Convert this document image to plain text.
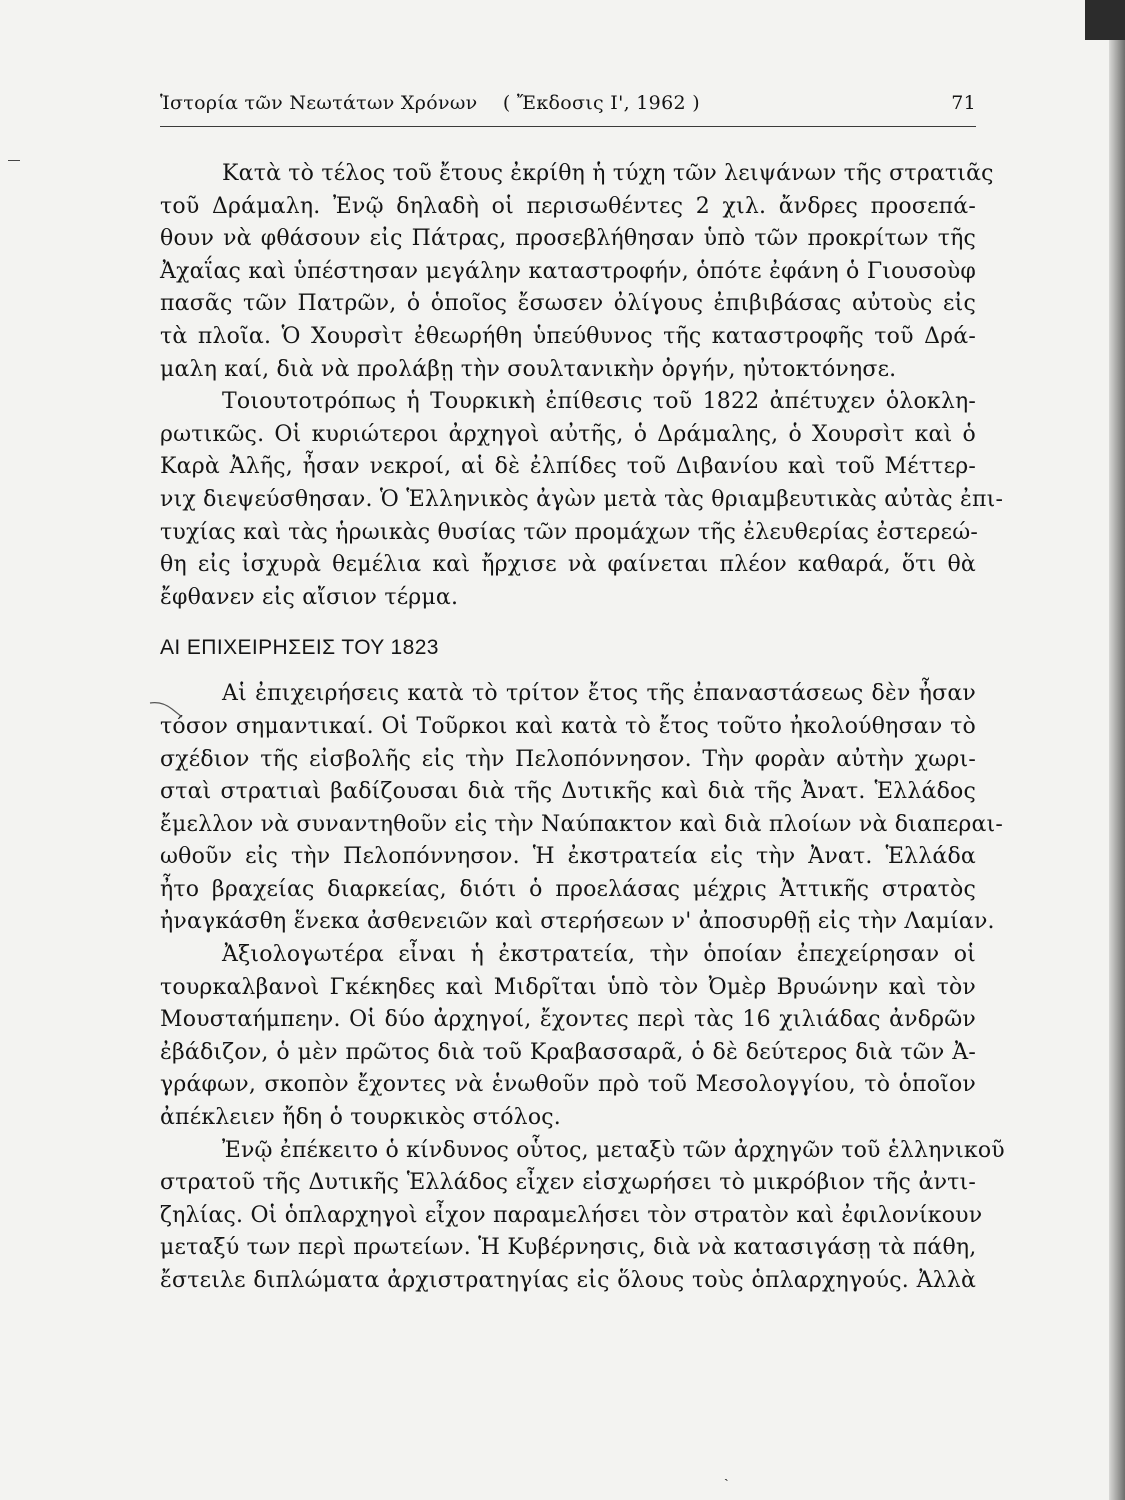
Ἱστορία τῶν Νεωτάτων Χρόνων ( Ἔκδοσις Ι', 1962 )	71
Κατὰ τὸ τέλος τοῦ ἔτους ἐκρίθη ἡ τύχη τῶν λειψάνων τῆς στρατιᾶς
τοῦ Δράμαλη. Ἐνῷ δηλαδὴ οἱ περισωθέντες 2 χιλ. ἄνδρες προσεπά-
θουν νὰ φθάσουν εἰς Πάτρας, προσεβλήθησαν ὑπὸ τῶν προκρίτων τῆς
Ἀχαΐας καὶ ὑπέστησαν μεγάλην καταστροφήν, ὁπότε ἐφάνη ὁ Γιουσοὺφ
πασᾶς τῶν Πατρῶν, ὁ ὁποῖος ἔσωσεν ὀλίγους ἐπιβιβάσας αὐτοὺς εἰς
τὰ πλοῖα. Ὁ Χουρσὶτ ἐθεωρήθη ὑπεύθυνος τῆς καταστροφῆς τοῦ Δρά-
μαλη καί, διὰ νὰ προλάβῃ τὴν σουλτανικὴν ὀργήν, ηὐτοκτόνησε.
Τοιουτοτρόπως ἡ Τουρκικὴ ἐπίθεσις τοῦ 1822 ἀπέτυχεν ὁλοκλη-
ρωτικῶς. Οἱ κυριώτεροι ἀρχηγοὶ αὐτῆς, ὁ Δράμαλης, ὁ Χουρσὶτ καὶ ὁ
Καρὰ Ἀλῆς, ἦσαν νεκροί, αἱ δὲ ἐλπίδες τοῦ Διβανίου καὶ τοῦ Μέττερ-
νιχ διεψεύσθησαν. Ὁ Ἑλληνικὸς ἀγὼν μετὰ τὰς θριαμβευτικὰς αὐτὰς ἐπι-
τυχίας καὶ τὰς ἡρωικὰς θυσίας τῶν προμάχων τῆς ἐλευθερίας ἐστερεώ-
θη εἰς ἰσχυρὰ θεμέλια καὶ ἤρχισε νὰ φαίνεται πλέον καθαρά, ὅτι θὰ
ἔφθανεν εἰς αἴσιον τέρμα.
ΑΙ ΕΠΙΧΕΙΡΗΣΕΙΣ ΤΟΥ 1823
Αἱ ἐπιχειρήσεις κατὰ τὸ τρίτον ἔτος τῆς ἐπαναστάσεως δὲν ἦσαν
τόσον σημαντικαί. Οἱ Τοῦρκοι καὶ κατὰ τὸ ἔτος τοῦτο ἠκολούθησαν τὸ
σχέδιον τῆς εἰσβολῆς εἰς τὴν Πελοπόννησον. Τὴν φορὰν αὐτὴν χωρι-
σταὶ στρατιαὶ βαδίζουσαι διὰ τῆς Δυτικῆς καὶ διὰ τῆς Ἀνατ. Ἑλλάδος
ἔμελλον νὰ συναντηθοῦν εἰς τὴν Ναύπακτον καὶ διὰ πλοίων νὰ διαπεραι-
ωθοῦν εἰς τὴν Πελοπόννησον. Ἡ ἐκστρατεία εἰς τὴν Ἀνατ. Ἑλλάδα
ἦτο βραχείας διαρκείας, διότι ὁ προελάσας μέχρις Ἀττικῆς στρατὸς
ἠναγκάσθη ἕνεκα ἀσθενειῶν καὶ στερήσεων ν' ἀποσυρθῇ εἰς τὴν Λαμίαν.
Ἀξιολογωτέρα εἶναι ἡ ἐκστρατεία, τὴν ὁποίαν ἐπεχείρησαν οἱ
τουρκαλβανοὶ Γκέκηδες καὶ Μιδρῖται ὑπὸ τὸν Ὀμὲρ Βρυώνην καὶ τὸν
Μουσταήμπεην. Οἱ δύο ἀρχηγοί, ἔχοντες περὶ τὰς 16 χιλιάδας ἀνδρῶν
ἐβάδιζον, ὁ μὲν πρῶτος διὰ τοῦ Κραβασσαρᾶ, ὁ δὲ δεύτερος διὰ τῶν Ἀ-
γράφων, σκοπὸν ἔχοντες νὰ ἑνωθοῦν πρὸ τοῦ Μεσολογγίου, τὸ ὁποῖον
ἀπέκλειεν ἤδη ὁ τουρκικὸς στόλος.
Ἐνῷ ἐπέκειτο ὁ κίνδυνος οὗτος, μεταξὺ τῶν ἀρχηγῶν τοῦ ἑλληνικοῦ
στρατοῦ τῆς Δυτικῆς Ἑλλάδος εἶχεν εἰσχωρήσει τὸ μικρόβιον τῆς ἀντι-
ζηλίας. Οἱ ὁπλαρχηγοὶ εἶχον παραμελήσει τὸν στρατὸν καὶ ἐφιλονίκουν
μεταξύ των περὶ πρωτείων. Ἡ Κυβέρνησις, διὰ νὰ κατασιγάσῃ τὰ πάθη,
ἔστειλε διπλώματα ἀρχιστρατηγίας εἰς ὅλους τοὺς ὁπλαρχηγούς. Ἀλλὰ
ˏ
